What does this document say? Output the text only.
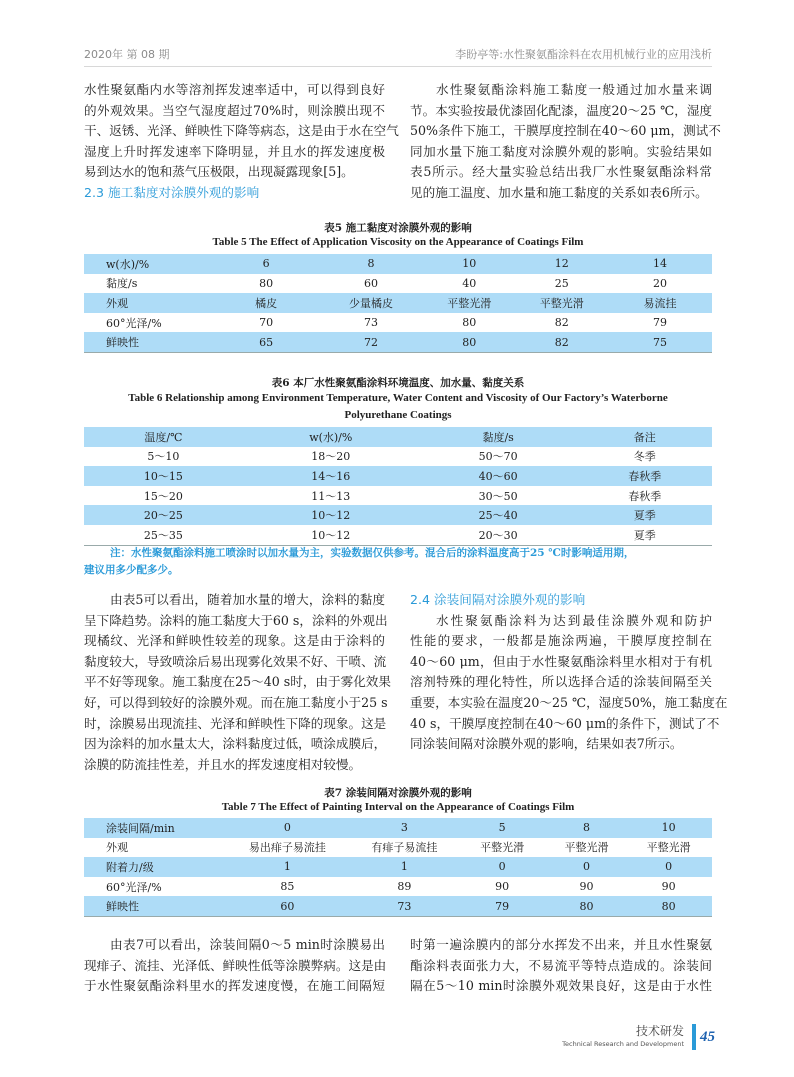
2020年 第 08 期	李盼亭等:水性聚氨酯涂料在农用机械行业的应用浅析
水性聚氨酯内水等溶剂挥发速率适中，可以得到良好
的外观效果。当空气湿度超过70%时，则涂膜出现不
干、返锈、光泽、鲜映性下降等病态，这是由于水在空气
湿度上升时挥发速率下降明显，并且水的挥发速度极
易到达水的饱和蒸气压极限，出现凝露现象[5]。
2.3 施工黏度对涂膜外观的影响
水性聚氨酯涂料施工黏度一般通过加水量来调
节。本实验按最优漆固化配漆，温度20～25 ℃，湿度
50%条件下施工，干膜厚度控制在40～60 μm，测试不
同加水量下施工黏度对涂膜外观的影响。实验结果如
表5所示。经大量实验总结出我厂水性聚氨酯涂料常
见的施工温度、加水量和施工黏度的关系如表6所示。
表5 施工黏度对涂膜外观的影响
Table 5 The Effect of Application Viscosity on the Appearance of Coatings Film
w(水)/%	6	8	10	12	14
黏度/s	80	60	40	25	20
外观	橘皮	少量橘皮	平整光滑	平整光滑	易流挂
60°光泽/%	70	73	80	82	79
鲜映性	65	72	80	82	75
表6 本厂水性聚氨酯涂料环境温度、加水量、黏度关系
Table 6 Relationship among Environment Temperature, Water Content and Viscosity of Our Factory’s Waterborne
Polyurethane Coatings
温度/℃	w(水)/%	黏度/s	备注
5～10	18～20	50～70	冬季
10～15	14～16	40～60	春秋季
15～20	11～13	30～50	春秋季
20～25	10～12	25～40	夏季
25～35	10～12	20～30	夏季
注：水性聚氨酯涂料施工喷涂时以加水量为主，实验数据仅供参考。混合后的涂料温度高于25 ℃时影响适用期，
建议用多少配多少。
由表5可以看出，随着加水量的增大，涂料的黏度
呈下降趋势。涂料的施工黏度大于60 s，涂料的外观出
现橘纹、光泽和鲜映性较差的现象。这是由于涂料的
黏度较大，导致喷涂后易出现雾化效果不好、干喷、流
平不好等现象。施工黏度在25～40 s时，由于雾化效果
好，可以得到较好的涂膜外观。而在施工黏度小于25 s
时，涂膜易出现流挂、光泽和鲜映性下降的现象。这是
因为涂料的加水量太大，涂料黏度过低，喷涂成膜后，
涂膜的防流挂性差，并且水的挥发速度相对较慢。
2.4 涂装间隔对涂膜外观的影响
水性聚氨酯涂料为达到最佳涂膜外观和防护
性能的要求，一般都是施涂两遍，干膜厚度控制在
40～60 μm，但由于水性聚氨酯涂料里水相对于有机
溶剂特殊的理化特性，所以选择合适的涂装间隔至关
重要，本实验在温度20～25 ℃，湿度50%，施工黏度在
40 s，干膜厚度控制在40～60 μm的条件下，测试了不
同涂装间隔对涂膜外观的影响，结果如表7所示。
表7 涂装间隔对涂膜外观的影响
Table 7 The Effect of Painting Interval on the Appearance of Coatings Film
涂装间隔/min	0	3	5	8	10
外观	易出痱子易流挂	有痱子易流挂	平整光滑	平整光滑	平整光滑
附着力/级	1	1	0	0	0
60°光泽/%	85	89	90	90	90
鲜映性	60	73	79	80	80
由表7可以看出，涂装间隔0～5 min时涂膜易出
现痱子、流挂、光泽低、鲜映性低等涂膜弊病。这是由
于水性聚氨酯涂料里水的挥发速度慢，在施工间隔短
时第一遍涂膜内的部分水挥发不出来，并且水性聚氨
酯涂料表面张力大，不易流平等特点造成的。涂装间
隔在5～10 min时涂膜外观效果良好，这是由于水性
技术研发
Technical Research and Development	45
